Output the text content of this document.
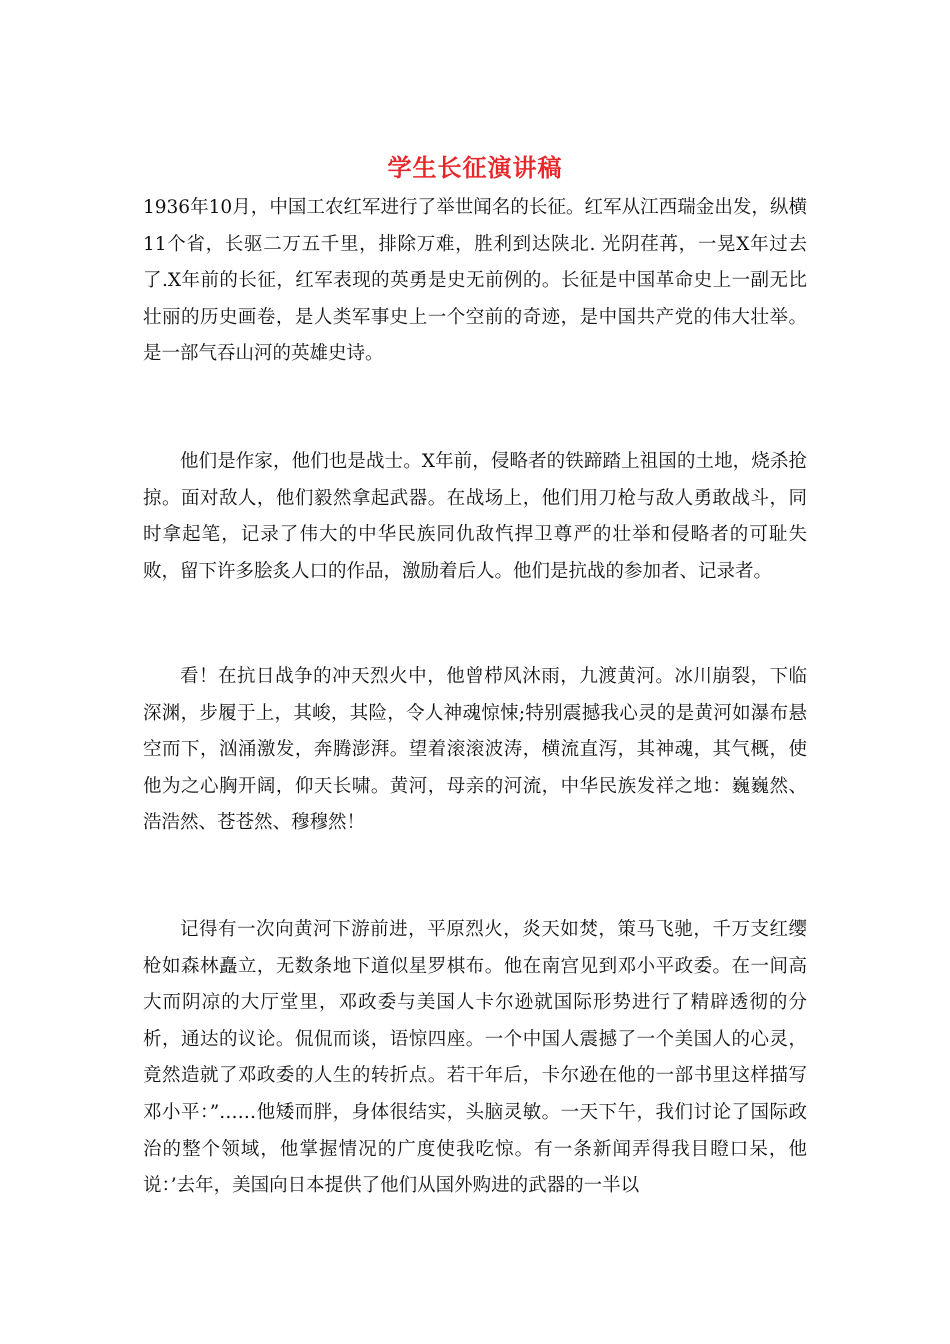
学生长征演讲稿

1936年10月，中国工农红军进行了举世闻名的长征。红军从江西瑞金出发，纵横11个省，长驱二万五千里，排除万难，胜利到达陕北. 光阴荏苒，一晃X年过去了.X年前的长征，红军表现的英勇是史无前例的。长征是中国革命史上一副无比壮丽的历史画卷，是人类军事史上一个空前的奇迹，是中国共产党的伟大壮举。是一部气吞山河的英雄史诗。

他们是作家，他们也是战士。X年前，侵略者的铁蹄踏上祖国的土地，烧杀抢掠。面对敌人，他们毅然拿起武器。在战场上，他们用刀枪与敌人勇敢战斗，同时拿起笔，记录了伟大的中华民族同仇敌忾捍卫尊严的壮举和侵略者的可耻失败，留下许多脍炙人口的作品，激励着后人。他们是抗战的参加者、记录者。

看！在抗日战争的冲天烈火中，他曾栉风沐雨，九渡黄河。冰川崩裂，下临深渊，步履于上，其峻，其险，令人神魂惊悚;特别震撼我心灵的是黄河如瀑布悬空而下，汹涌激发，奔腾澎湃。望着滚滚波涛，横流直泻，其神魂，其气概，使他为之心胸开阔，仰天长啸。黄河，母亲的河流，中华民族发祥之地：巍巍然、浩浩然、苍苍然、穆穆然！

记得有一次向黄河下游前进，平原烈火，炎天如焚，策马飞驰，千万支红缨枪如森林矗立，无数条地下道似星罗棋布。他在南宫见到邓小平政委。在一间高大而阴凉的大厅堂里，邓政委与美国人卡尔逊就国际形势进行了精辟透彻的分析，通达的议论。侃侃而谈，语惊四座。一个中国人震撼了一个美国人的心灵，竟然造就了邓政委的人生的转折点。若干年后，卡尔逊在他的一部书里这样描写邓小平：”……他矮而胖，身体很结实，头脑灵敏。一天下午，我们讨论了国际政治的整个领域，他掌握情况的广度使我吃惊。有一条新闻弄得我目瞪口呆，他说：’去年，美国向日本提供了他们从国外购进的武器的一半以
